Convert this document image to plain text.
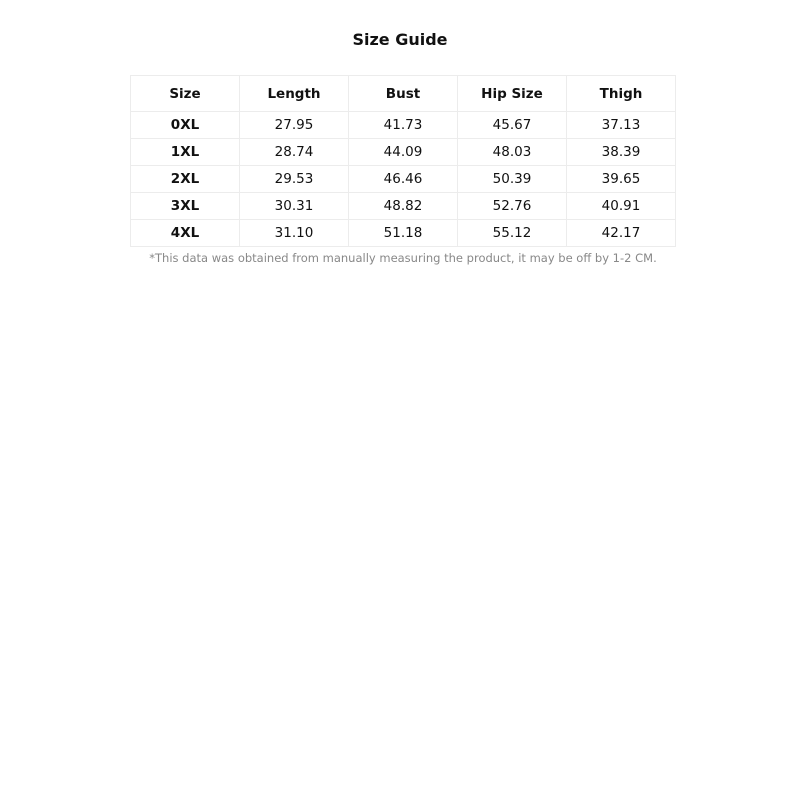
Size Guide
Size	Length	Bust	Hip Size	Thigh
0XL	27.95	41.73	45.67	37.13
1XL	28.74	44.09	48.03	38.39
2XL	29.53	46.46	50.39	39.65
3XL	30.31	48.82	52.76	40.91
4XL	31.10	51.18	55.12	42.17
*This data was obtained from manually measuring the product, it may be off by 1-2 CM.
